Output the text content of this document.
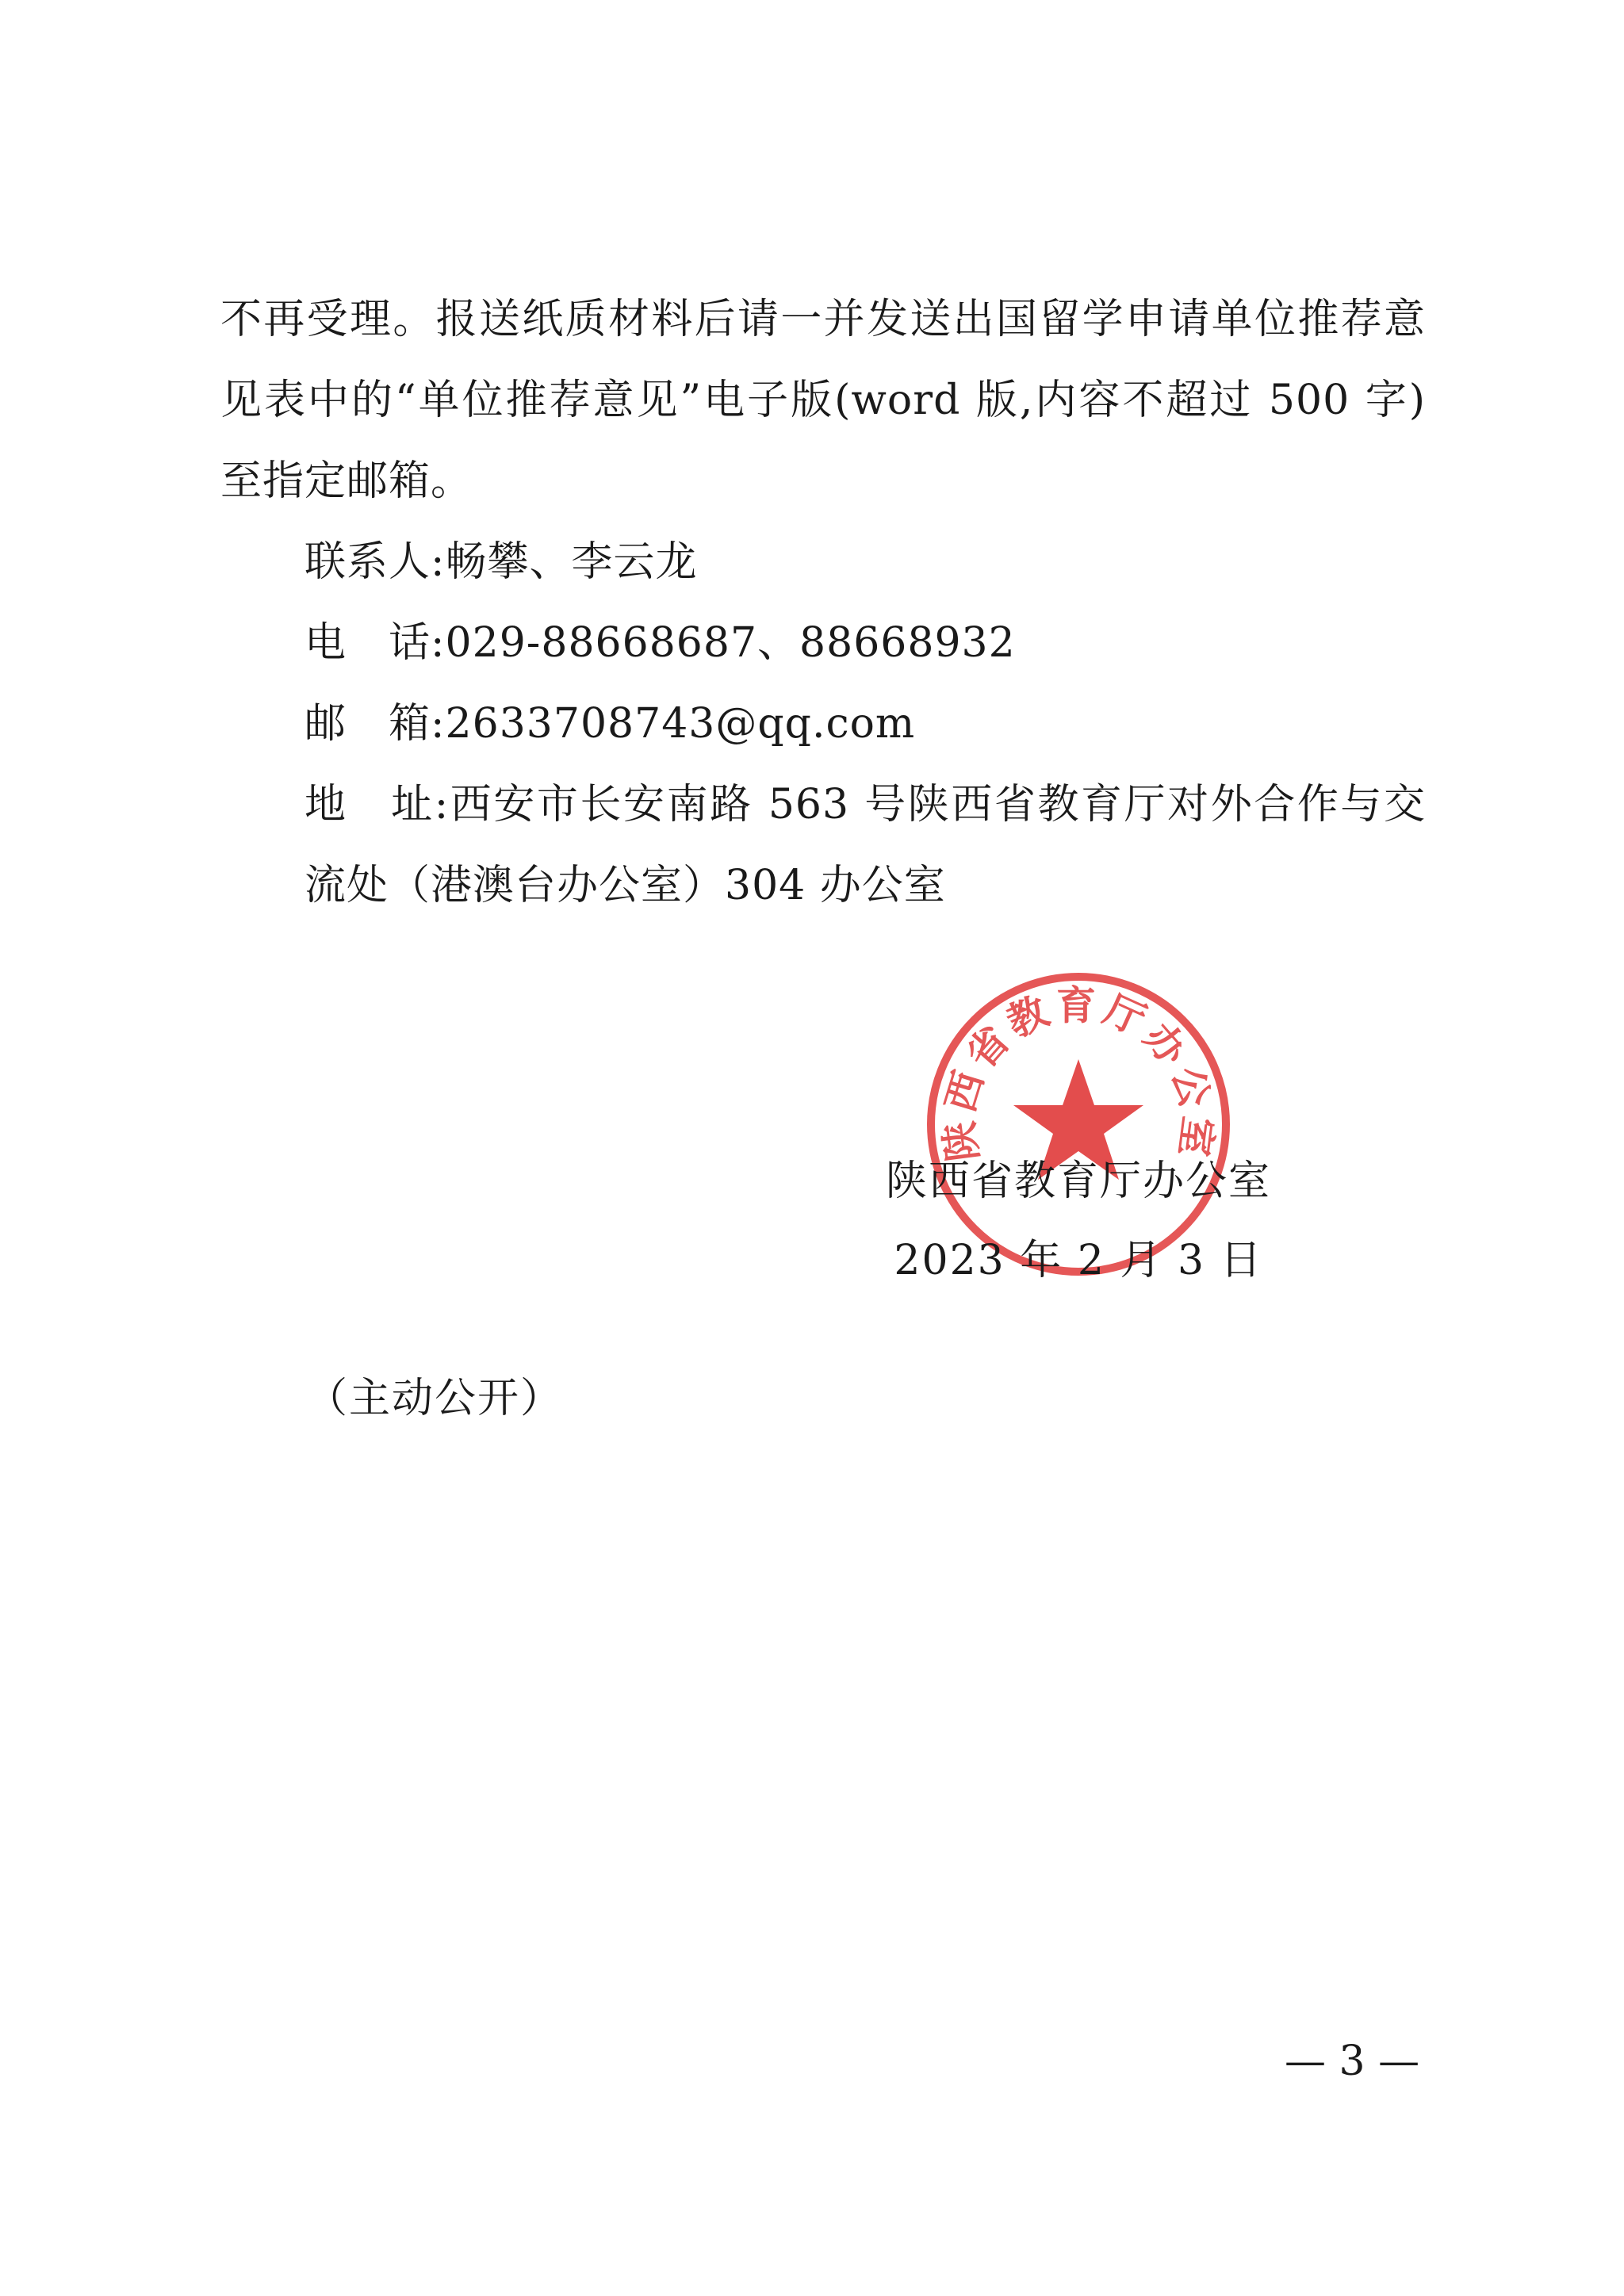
不再受理。报送纸质材料后请一并发送出国留学申请单位推荐意见表中的“单位推荐意见”电子版(word 版,内容不超过 500 字)至指定邮箱。

联系人:畅攀、李云龙

电　话:029-88668687、88668932

邮　箱:2633708743@qq.com

地　址:西安市长安南路 563 号陕西省教育厅对外合作与交流处（港澳台办公室）304 办公室

陕西省教育厅办公室

陕西省教育厅办公室

2023 年 2 月 3 日

（主动公开）
— 3 —
